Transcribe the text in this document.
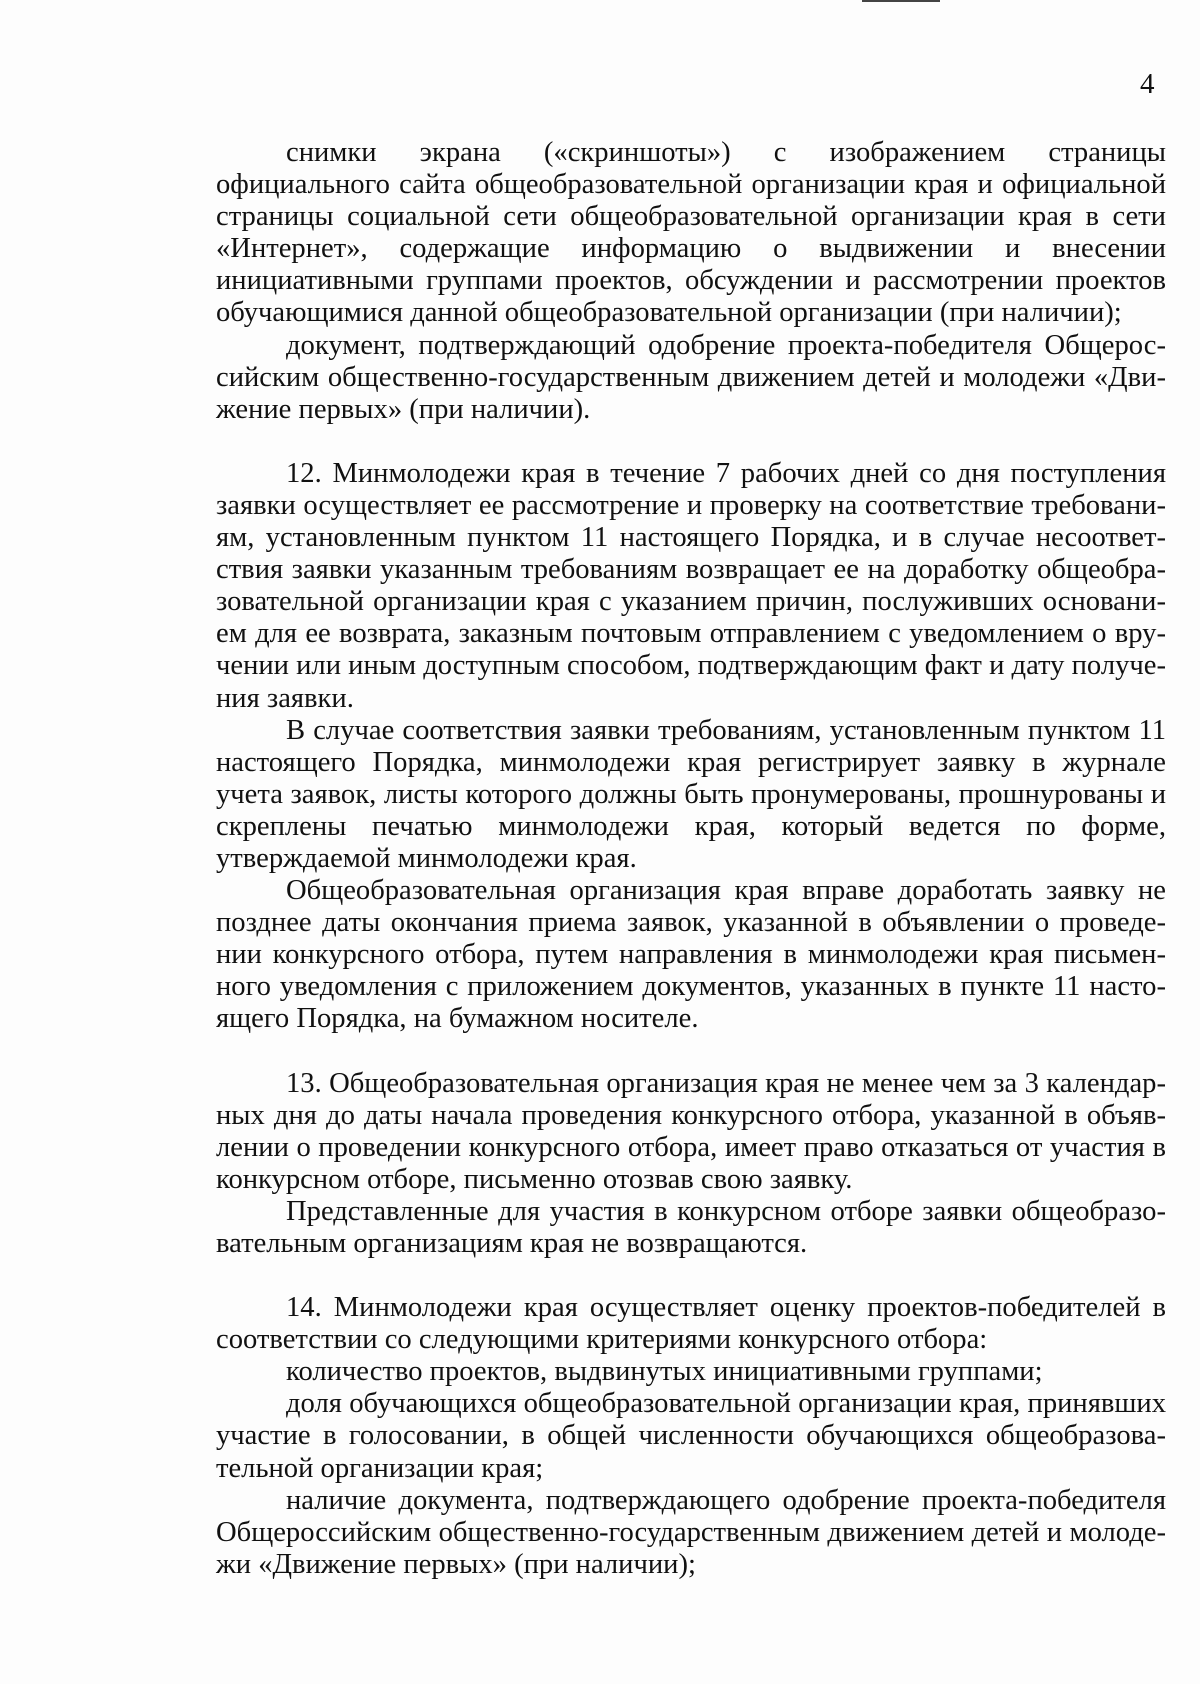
4

снимки экрана («скриншоты») с изображением страницы официального сайта общеобразовательной организации края и официальной страницы социальной сети общеобразовательной организации края в сети «Интернет», содержащие информацию о выдвижении и внесении инициативными группами проектов, обсуждении и рассмотрении проектов обучающимися данной общеобразовательной организации (при наличии);

документ, подтверждающий одобрение проекта-победителя Общероссийским общественно-государственным движением детей и молодежи «Движение первых» (при наличии).

12. Минмолодежи края в течение 7 рабочих дней со дня поступления заявки осуществляет ее рассмотрение и проверку на соответствие требованиям, установленным пунктом 11 настоящего Порядка, и в случае несоответствия заявки указанным требованиям возвращает ее на доработку общеобразовательной организации края с указанием причин, послуживших основанием для ее возврата, заказным почтовым отправлением с уведомлением о вручении или иным доступным способом, подтверждающим факт и дату получения заявки.

В случае соответствия заявки требованиям, установленным пунктом 11 настоящего Порядка, минмолодежи края регистрирует заявку в журнале учета заявок, листы которого должны быть пронумерованы, прошнурованы и скреплены печатью минмолодежи края, который ведется по форме, утверждаемой минмолодежи края.

Общеобразовательная организация края вправе доработать заявку не позднее даты окончания приема заявок, указанной в объявлении о проведении конкурсного отбора, путем направления в минмолодежи края письменного уведомления с приложением документов, указанных в пункте 11 настоящего Порядка, на бумажном носителе.

13. Общеобразовательная организация края не менее чем за 3 календарных дня до даты начала проведения конкурсного отбора, указанной в объявлении о проведении конкурсного отбора, имеет право отказаться от участия в конкурсном отборе, письменно отозвав свою заявку.

Представленные для участия в конкурсном отборе заявки общеобразовательным организациям края не возвращаются.

14. Минмолодежи края осуществляет оценку проектов-победителей в соответствии со следующими критериями конкурсного отбора:

количество проектов, выдвинутых инициативными группами;

доля обучающихся общеобразовательной организации края, принявших участие в голосовании, в общей численности обучающихся общеобразовательной организации края;

наличие документа, подтверждающего одобрение проекта-победителя Общероссийским общественно-государственным движением детей и молодежи «Движение первых» (при наличии);
